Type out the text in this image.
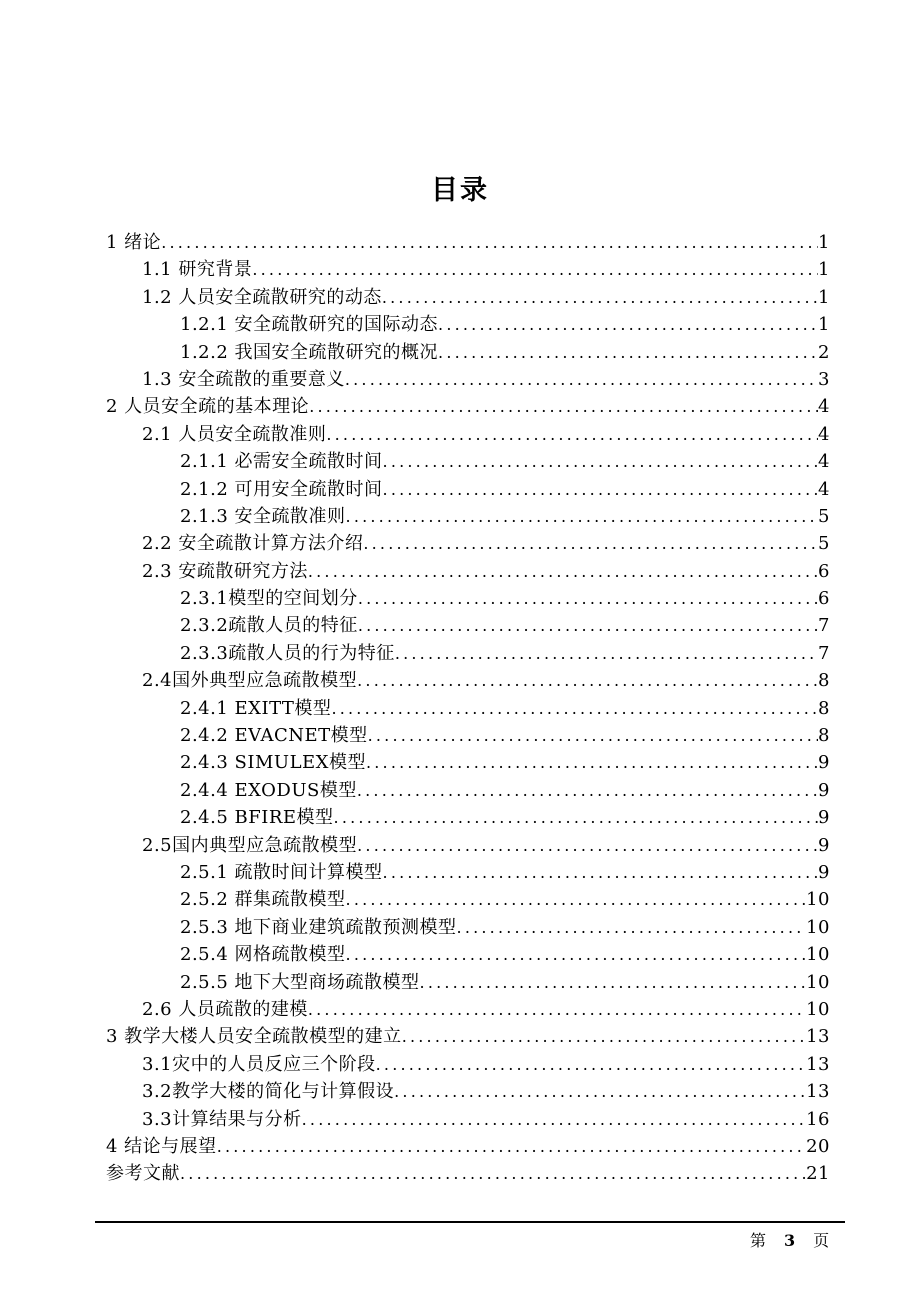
目录
1 绪论 .....	1
1.1 研究背景 .....	1
1.2 人员安全疏散研究的动态 .....	1
1.2.1 安全疏散研究的国际动态 .....	1
1.2.2 我国安全疏散研究的概况 .....	2
1.3 安全疏散的重要意义 .....	3
2 人员安全疏的基本理论 .....	4
2.1 人员安全疏散准则 .....	4
2.1.1 必需安全疏散时间 .....	4
2.1.2 可用安全疏散时间 .....	4
2.1.3 安全疏散准则 .....	5
2.2 安全疏散计算方法介绍 .....	5
2.3 安疏散研究方法 .....	6
2.3.1模型的空间划分 .....	6
2.3.2疏散人员的特征 .....	7
2.3.3疏散人员的行为特征 .....	7
2.4国外典型应急疏散模型 .....	8
2.4.1 EXITT模型 .....	8
2.4.2 EVACNET模型 .....	8
2.4.3 SIMULEX模型 .....	9
2.4.4 EXODUS模型 .....	9
2.4.5 BFIRE模型 .....	9
2.5国内典型应急疏散模型 .....	9
2.5.1 疏散时间计算模型 .....	9
2.5.2 群集疏散模型 .....	10
2.5.3 地下商业建筑疏散预测模型 .....	10
2.5.4 网格疏散模型 .....	10
2.5.5 地下大型商场疏散模型 .....	10
2.6 人员疏散的建模 .....	10
3 教学大楼人员安全疏散模型的建立 .....	13
3.1灾中的人员反应三个阶段 .....	13
3.2教学大楼的简化与计算假设 .....	13
3.3计算结果与分析 .....	16
4 结论与展望 .....	20
参考文献 .....	21
第 3 页
